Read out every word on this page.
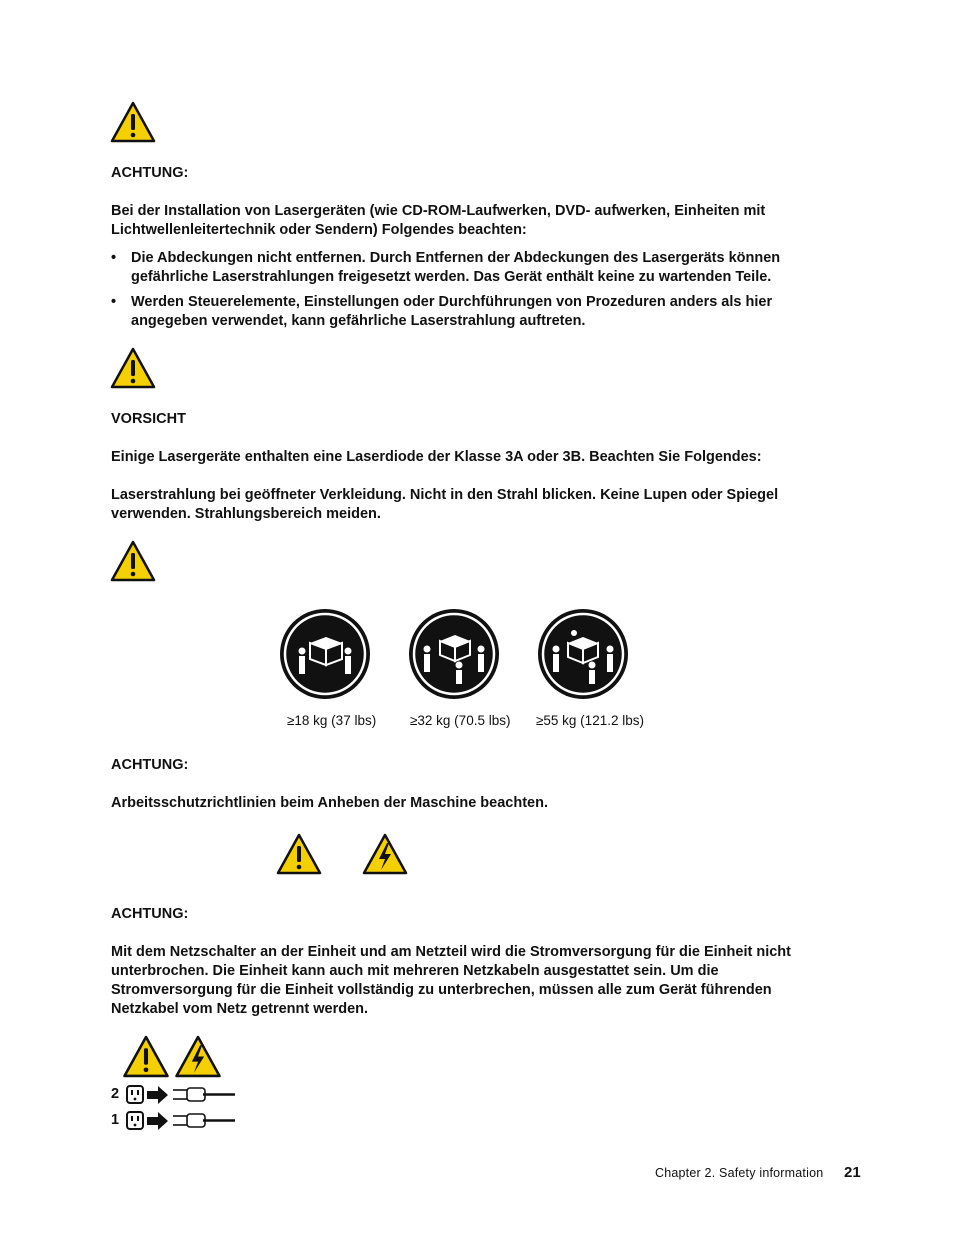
ACHTUNG:
Bei der Installation von Lasergeräten (wie CD-ROM-Laufwerken, DVD- aufwerken, Einheiten mit Lichtwellenleitertechnik oder Sendern) Folgendes beachten:
• Die Abdeckungen nicht entfernen. Durch Entfernen der Abdeckungen des Lasergeräts können gefährliche Laserstrahlungen freigesetzt werden. Das Gerät enthält keine zu wartenden Teile.
• Werden Steuerelemente, Einstellungen oder Durchführungen von Prozeduren anders als hier angegeben verwendet, kann gefährliche Laserstrahlung auftreten.
VORSICHT
Einige Lasergeräte enthalten eine Laserdiode der Klasse 3A oder 3B. Beachten Sie Folgendes:
Laserstrahlung bei geöffneter Verkleidung. Nicht in den Strahl blicken. Keine Lupen oder Spiegel verwenden. Strahlungsbereich meiden.
≥18 kg (37 lbs)	≥32 kg (70.5 lbs) ≥55 kg (121.2 lbs)
ACHTUNG:
Arbeitsschutzrichtlinien beim Anheben der Maschine beachten.
ACHTUNG:
Mit dem Netzschalter an der Einheit und am Netzteil wird die Stromversorgung für die Einheit nicht unterbrochen. Die Einheit kann auch mit mehreren Netzkabeln ausgestattet sein. Um die Stromversorgung für die Einheit vollständig zu unterbrechen, müssen alle zum Gerät führenden Netzkabel vom Netz getrennt werden.
2
1
Chapter 2. Safety information 21
